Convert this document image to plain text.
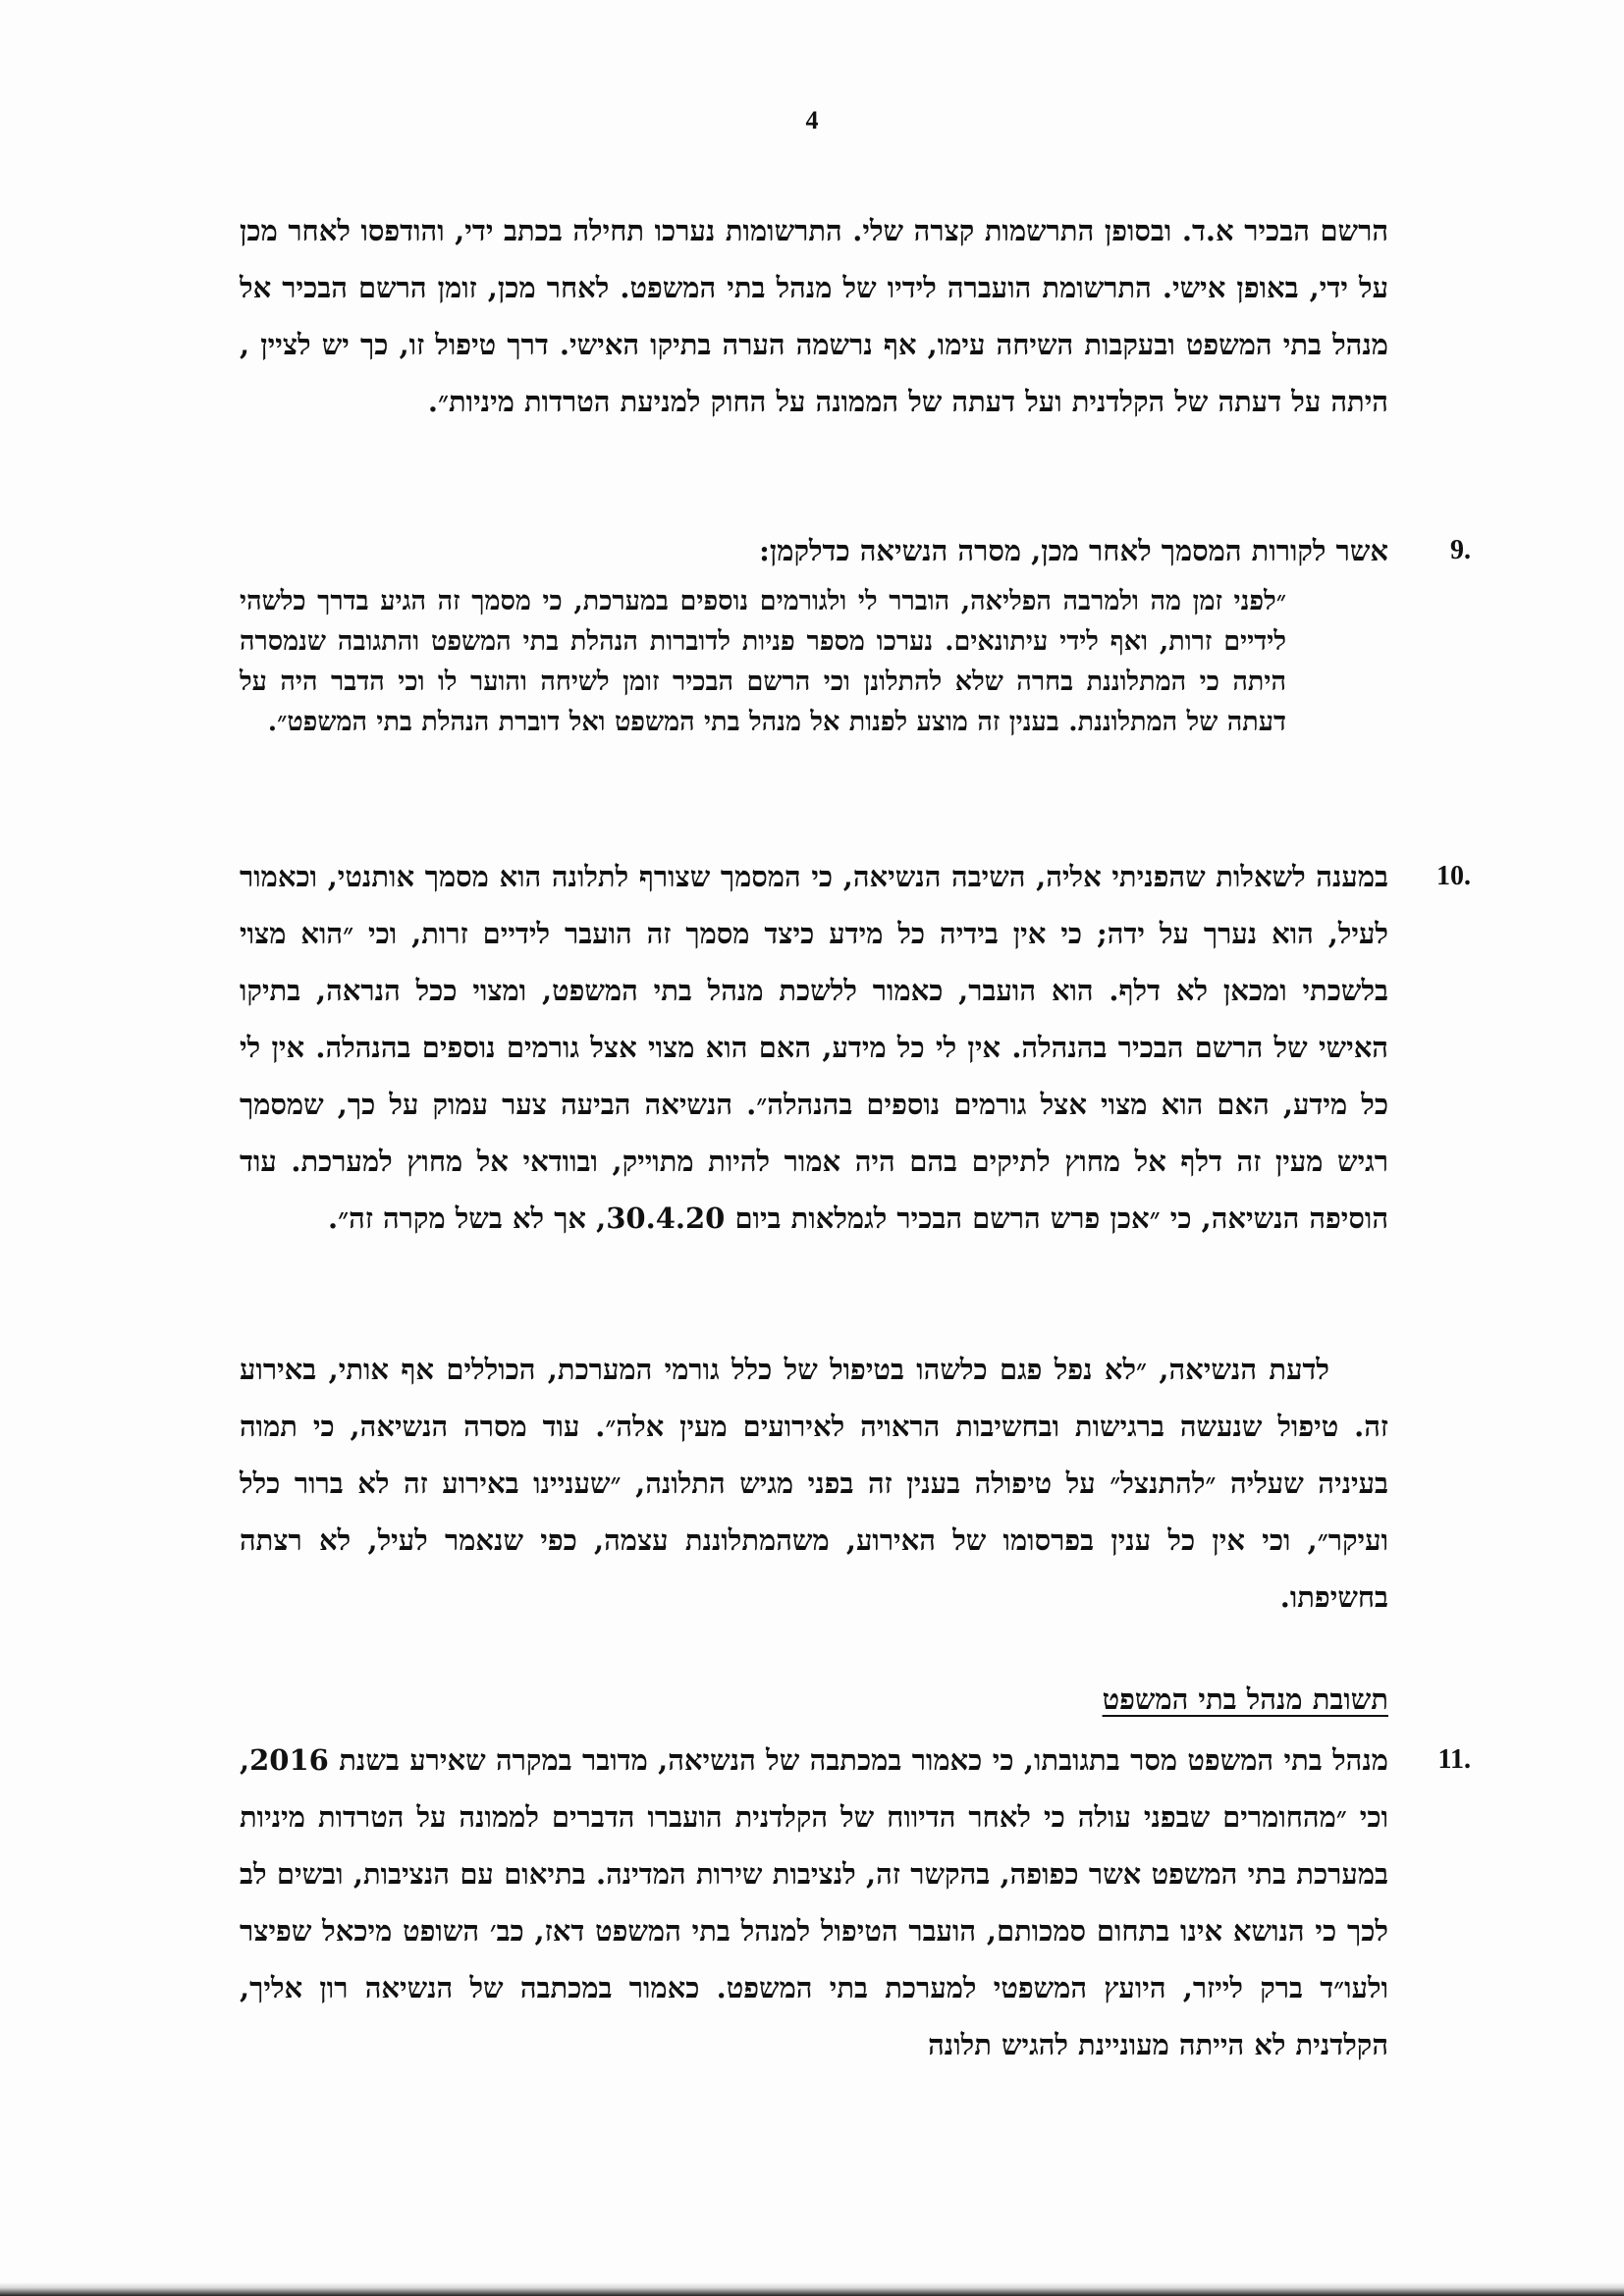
4
הרשם הבכיר א.ד. ובסופן התרשמות קצרה שלי. התרשומות נערכו תחילה בכתב ידי, והודפסו לאחר מכן על ידי, באופן אישי. התרשומת הועברה לידיו של מנהל בתי המשפט. לאחר מכן, זומן הרשם הבכיר אל מנהל בתי המשפט ובעקבות השיחה עימו, אף נרשמה הערה בתיקו האישי. דרך טיפול זו, כך יש לציין , היתה על דעתה של הקלדנית ועל דעתה של הממונה על החוק למניעת הטרדות מיניות״.
9.
אשר לקורות המסמך לאחר מכן, מסרה הנשיאה כדלקמן:
״לפני זמן מה ולמרבה הפליאה, הוברר לי ולגורמים נוספים במערכת, כי מסמך זה הגיע בדרך כלשהי לידיים זרות, ואף לידי עיתונאים. נערכו מספר פניות לדוברות הנהלת בתי המשפט והתגובה שנמסרה היתה כי המתלוננת בחרה שלא להתלונן וכי הרשם הבכיר זומן לשיחה והוער לו וכי הדבר היה על דעתה של המתלוננת. בענין זה מוצע לפנות אל מנהל בתי המשפט ואל דוברת הנהלת בתי המשפט״.
10.
במענה לשאלות שהפניתי אליה, השיבה הנשיאה, כי המסמך שצורף לתלונה הוא מסמך אותנטי, וכאמור לעיל, הוא נערך על ידה; כי אין בידיה כל מידע כיצד מסמך זה הועבר לידיים זרות, וכי ״הוא מצוי בלשכתי ומכאן לא דלף. הוא הועבר, כאמור ללשכת מנהל בתי המשפט, ומצוי ככל הנראה, בתיקו האישי של הרשם הבכיר בהנהלה. אין לי כל מידע, האם הוא מצוי אצל גורמים נוספים בהנהלה. אין לי כל מידע, האם הוא מצוי אצל גורמים נוספים בהנהלה״. הנשיאה הביעה צער עמוק על כך, שמסמך רגיש מעין זה דלף אל מחוץ לתיקים בהם היה אמור להיות מתוייק, ובוודאי אל מחוץ למערכת. עוד הוסיפה הנשיאה, כי ״אכן פרש הרשם הבכיר לגמלאות ביום 30.4.20, אך לא בשל מקרה זה״.
לדעת הנשיאה, ״לא נפל פגם כלשהו בטיפול של כלל גורמי המערכת, הכוללים אף אותי, באירוע זה. טיפול שנעשה ברגישות ובחשיבות הראויה לאירועים מעין אלה״. עוד מסרה הנשיאה, כי תמוה בעיניה שעליה ״להתנצל״ על טיפולה בענין זה בפני מגיש התלונה, ״שעניינו באירוע זה לא ברור כלל ועיקר״, וכי אין כל ענין בפרסומו של האירוע, משהמתלוננת עצמה, כפי שנאמר לעיל, לא רצתה בחשיפתו.
תשובת מנהל בתי המשפט
11.
מנהל בתי המשפט מסר בתגובתו, כי כאמור במכתבה של הנשיאה, מדובר במקרה שאירע בשנת 2016, וכי ״מהחומרים שבפני עולה כי לאחר הדיווח של הקלדנית הועברו הדברים לממונה על הטרדות מיניות במערכת בתי המשפט אשר כפופה, בהקשר זה, לנציבות שירות המדינה. בתיאום עם הנציבות, ובשים לב לכך כי הנושא אינו בתחום סמכותם, הועבר הטיפול למנהל בתי המשפט דאז, כב׳ השופט מיכאל שפיצר ולעו״ד ברק לייזר, היועץ המשפטי למערכת בתי המשפט. כאמור במכתבה של הנשיאה רון אליך, הקלדנית לא הייתה מעוניינת להגיש תלונה
